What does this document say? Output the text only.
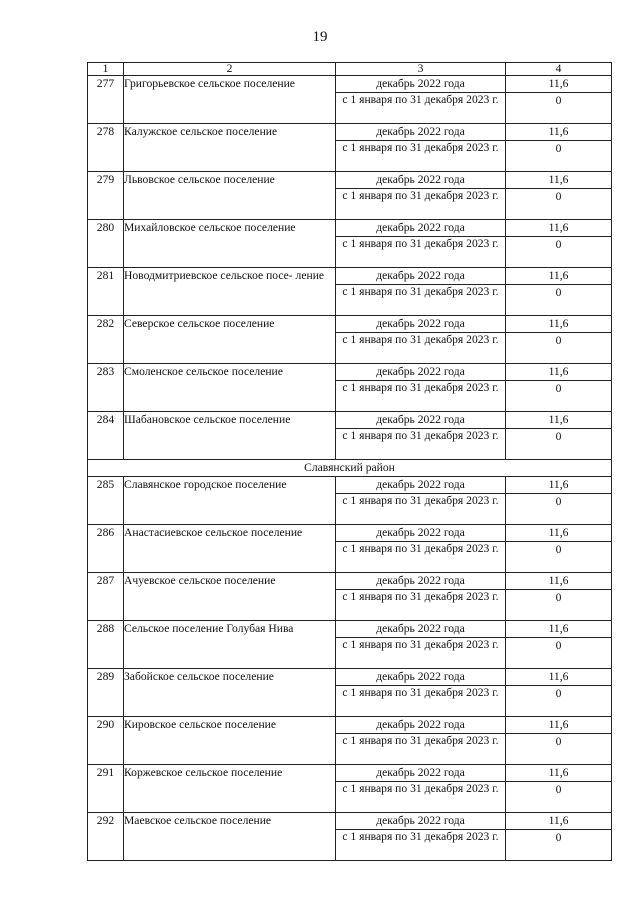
19
1	2	3	4
277	Григорьевское сельское поселение	декабрь 2022 года	11,6
		с 1 января по 31 декабря 2023 г.	0
278	Калужское сельское поселение	декабрь 2022 года	11,6
		с 1 января по 31 декабря 2023 г.	0
279	Львовское сельское поселение	декабрь 2022 года	11,6
		с 1 января по 31 декабря 2023 г.	0
280	Михайловское сельское поселение	декабрь 2022 года	11,6
		с 1 января по 31 декабря 2023 г.	0
281	Новодмитриевское сельское посе- ление	декабрь 2022 года	11,6
		с 1 января по 31 декабря 2023 г.	0
282	Северское сельское поселение	декабрь 2022 года	11,6
		с 1 января по 31 декабря 2023 г.	0
283	Смоленское сельское поселение	декабрь 2022 года	11,6
		с 1 января по 31 декабря 2023 г.	0
284	Шабановское сельское поселение	декабрь 2022 года	11,6
		с 1 января по 31 декабря 2023 г.	0
Славянский район			
285	Славянское городское поселение	декабрь 2022 года	11,6
		с 1 января по 31 декабря 2023 г.	0
286	Анастасиевское сельское поселение	декабрь 2022 года	11,6
		с 1 января по 31 декабря 2023 г.	0
287	Ачуевское сельское поселение	декабрь 2022 года	11,6
		с 1 января по 31 декабря 2023 г.	0
288	Сельское поселение Голубая Нива	декабрь 2022 года	11,6
		с 1 января по 31 декабря 2023 г.	0
289	Забойское сельское поселение	декабрь 2022 года	11,6
		с 1 января по 31 декабря 2023 г.	0
290	Кировское сельское поселение	декабрь 2022 года	11,6
		с 1 января по 31 декабря 2023 г.	0
291	Коржевское сельское поселение	декабрь 2022 года	11,6
		с 1 января по 31 декабря 2023 г.	0
292	Маевское сельское поселение	декабрь 2022 года	11,6
		с 1 января по 31 декабря 2023 г.	0
